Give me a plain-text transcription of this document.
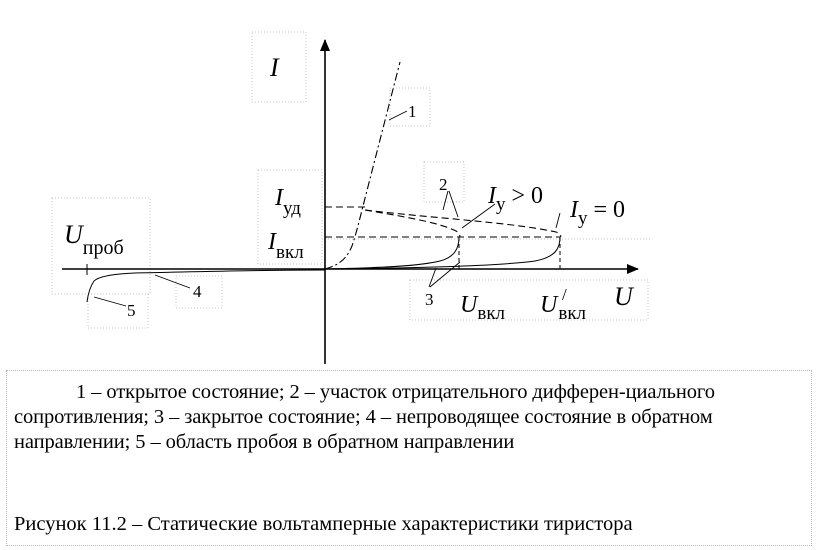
I
U
$I_{уд}$
$I_{вкл}$
$U_{проб}$
$U_{вкл}$ $U_{вкл}$
/
$I_y > 0$
$I_y = 0$
1
2
3
4
5
1 – открытое состояние; 2 – участок отрицательного дифферен-циального сопротивления; 3 – закрытое состояние; 4 – непроводящее состояние в обратном направлении; 5 – область пробоя в обратном направлении
Рисунок 11.2 – Статические вольтамперные характеристики тиристора
